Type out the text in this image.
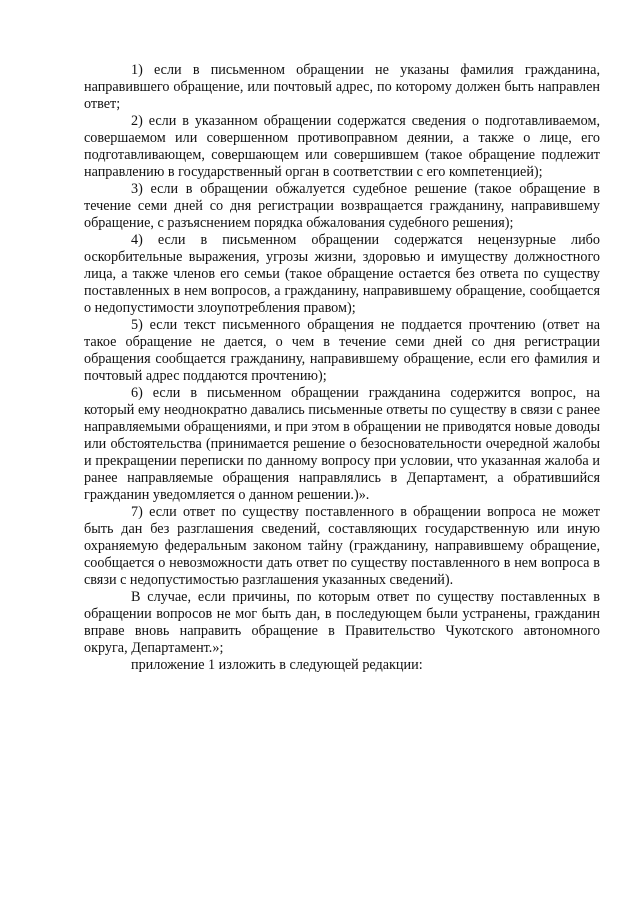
1) если в письменном обращении не указаны фамилия гражданина, направившего обращение, или почтовый адрес, по которому должен быть направлен ответ;

2) если в указанном обращении содержатся сведения о подготавливаемом, совершаемом или совершенном противоправном деянии, а также о лице, его подготавливающем, совершающем или совершившем (такое обращение подлежит направлению в государственный орган в соответствии с его компетенцией);

3) если в обращении обжалуется судебное решение (такое обращение в течение семи дней со дня регистрации возвращается гражданину, направившему обращение, с разъяснением порядка обжалования судебного решения);

4) если в письменном обращении содержатся нецензурные либо оскорбительные выражения, угрозы жизни, здоровью и имуществу должностного лица, а также членов его семьи (такое обращение остается без ответа по существу поставленных в нем вопросов, а гражданину, направившему обращение, сообщается о недопустимости злоупотребления правом);

5) если текст письменного обращения не поддается прочтению (ответ на такое обращение не дается, о чем в течение семи дней со дня регистрации обращения сообщается гражданину, направившему обращение, если его фамилия и почтовый адрес поддаются прочтению);

6) если в письменном обращении гражданина содержится вопрос, на который ему неоднократно давались письменные ответы по существу в связи с ранее направляемыми обращениями, и при этом в обращении не приводятся новые доводы или обстоятельства (принимается решение о безосновательности очередной жалобы и прекращении переписки по данному вопросу при условии, что указанная жалоба и ранее направляемые обращения направлялись в Департамент, а обратившийся гражданин уведомляется о данном решении.)».

7) если ответ по существу поставленного в обращении вопроса не может быть дан без разглашения сведений, составляющих государственную или иную охраняемую федеральным законом тайну (гражданину, направившему обращение, сообщается о невозможности дать ответ по существу поставленного в нем вопроса в связи с недопустимостью разглашения указанных сведений).

В случае, если причины, по которым ответ по существу поставленных в обращении вопросов не мог быть дан, в последующем были устранены, гражданин вправе вновь направить обращение в Правительство Чукотского автономного округа, Департамент.»;

приложение 1 изложить в следующей редакции:
